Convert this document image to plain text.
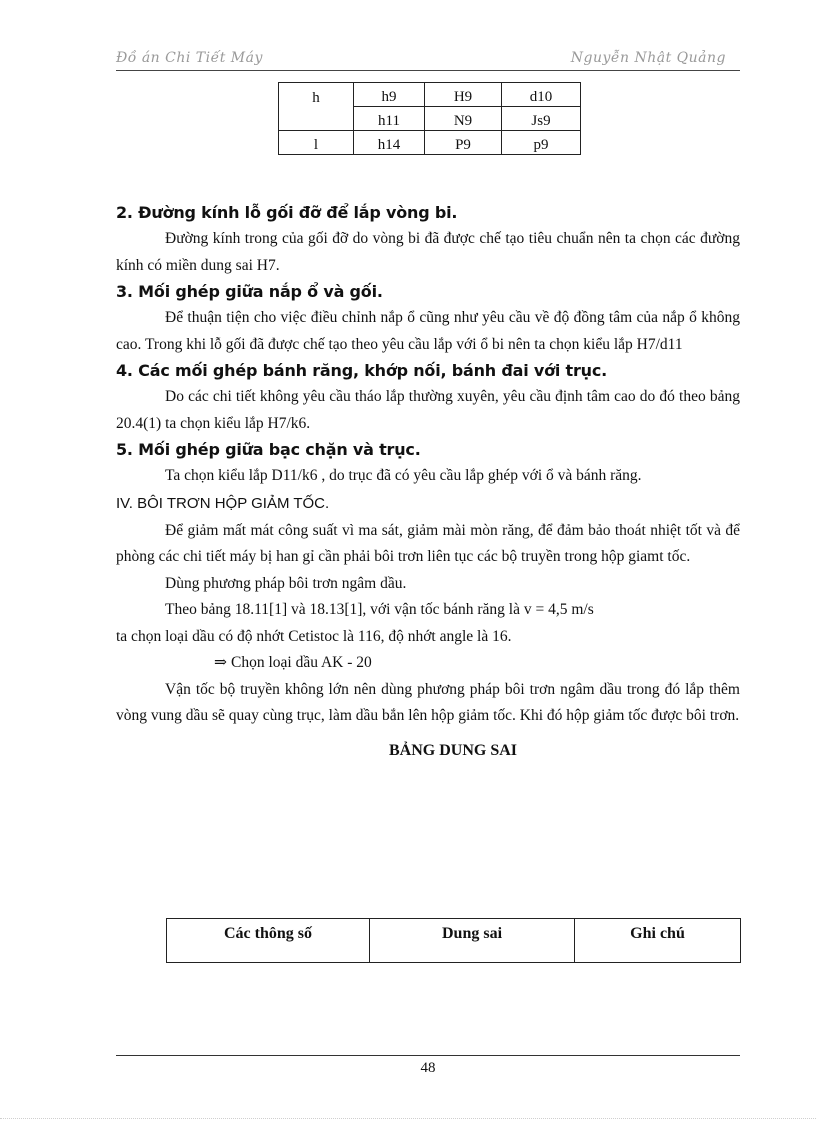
Đồ án Chi Tiết Máy	Nguyễn Nhật Quảng
h	h9	H9	d10
	h11	N9	Js9
l	h14	P9	p9
2. Đường kính lỗ gối đỡ để lắp vòng bi.

Đường kính trong của gối đỡ do vòng bi đã được chế tạo tiêu chuẩn nên ta chọn các đường kính có miền dung sai H7.

3. Mối ghép giữa nắp ổ và gối.

Để thuận tiện cho việc điều chỉnh nắp ổ cũng như yêu cầu về độ đồng tâm của nắp ổ không cao. Trong khi lỗ gối đã được chế tạo theo yêu cầu lắp với ổ bi nên ta chọn kiểu lắp H7/d11

4. Các mối ghép bánh răng, khớp nối, bánh đai với trục.

Do các chi tiết không yêu cầu tháo lắp thường xuyên, yêu cầu định tâm cao do đó theo bảng 20.4(1) ta chọn kiểu lắp H7/k6.

5. Mối ghép giữa bạc chặn và trục.

Ta chọn kiểu lắp D11/k6 , do trục đã có yêu cầu lắp ghép với ổ và bánh răng.

IV. BÔI TRƠN HỘP GIẢM TỐC.

Để giảm mất mát công suất vì ma sát, giảm mài mòn răng, để đảm bảo thoát nhiệt tốt và để phòng các chi tiết máy bị han gỉ cần phải bôi trơn liên tục các bộ truyền trong hộp giamt tốc.

Dùng phương pháp bôi trơn ngâm dầu.

Theo bảng 18.11[1] và 18.13[1], với vận tốc bánh răng là v = 4,5 m/s

ta chọn loại dầu có độ nhớt Cetistoc là 116, độ nhớt angle là 16.

⇒ Chọn loại dầu AK - 20

Vận tốc bộ truyền không lớn nên dùng phương pháp bôi trơn ngâm dầu trong đó lắp thêm vòng vung dầu sẽ quay cùng trục, làm dầu bắn lên hộp giảm tốc. Khi đó hộp giảm tốc được bôi trơn.

BẢNG DUNG SAI
Các thông số	Dung sai	Ghi chú
48
